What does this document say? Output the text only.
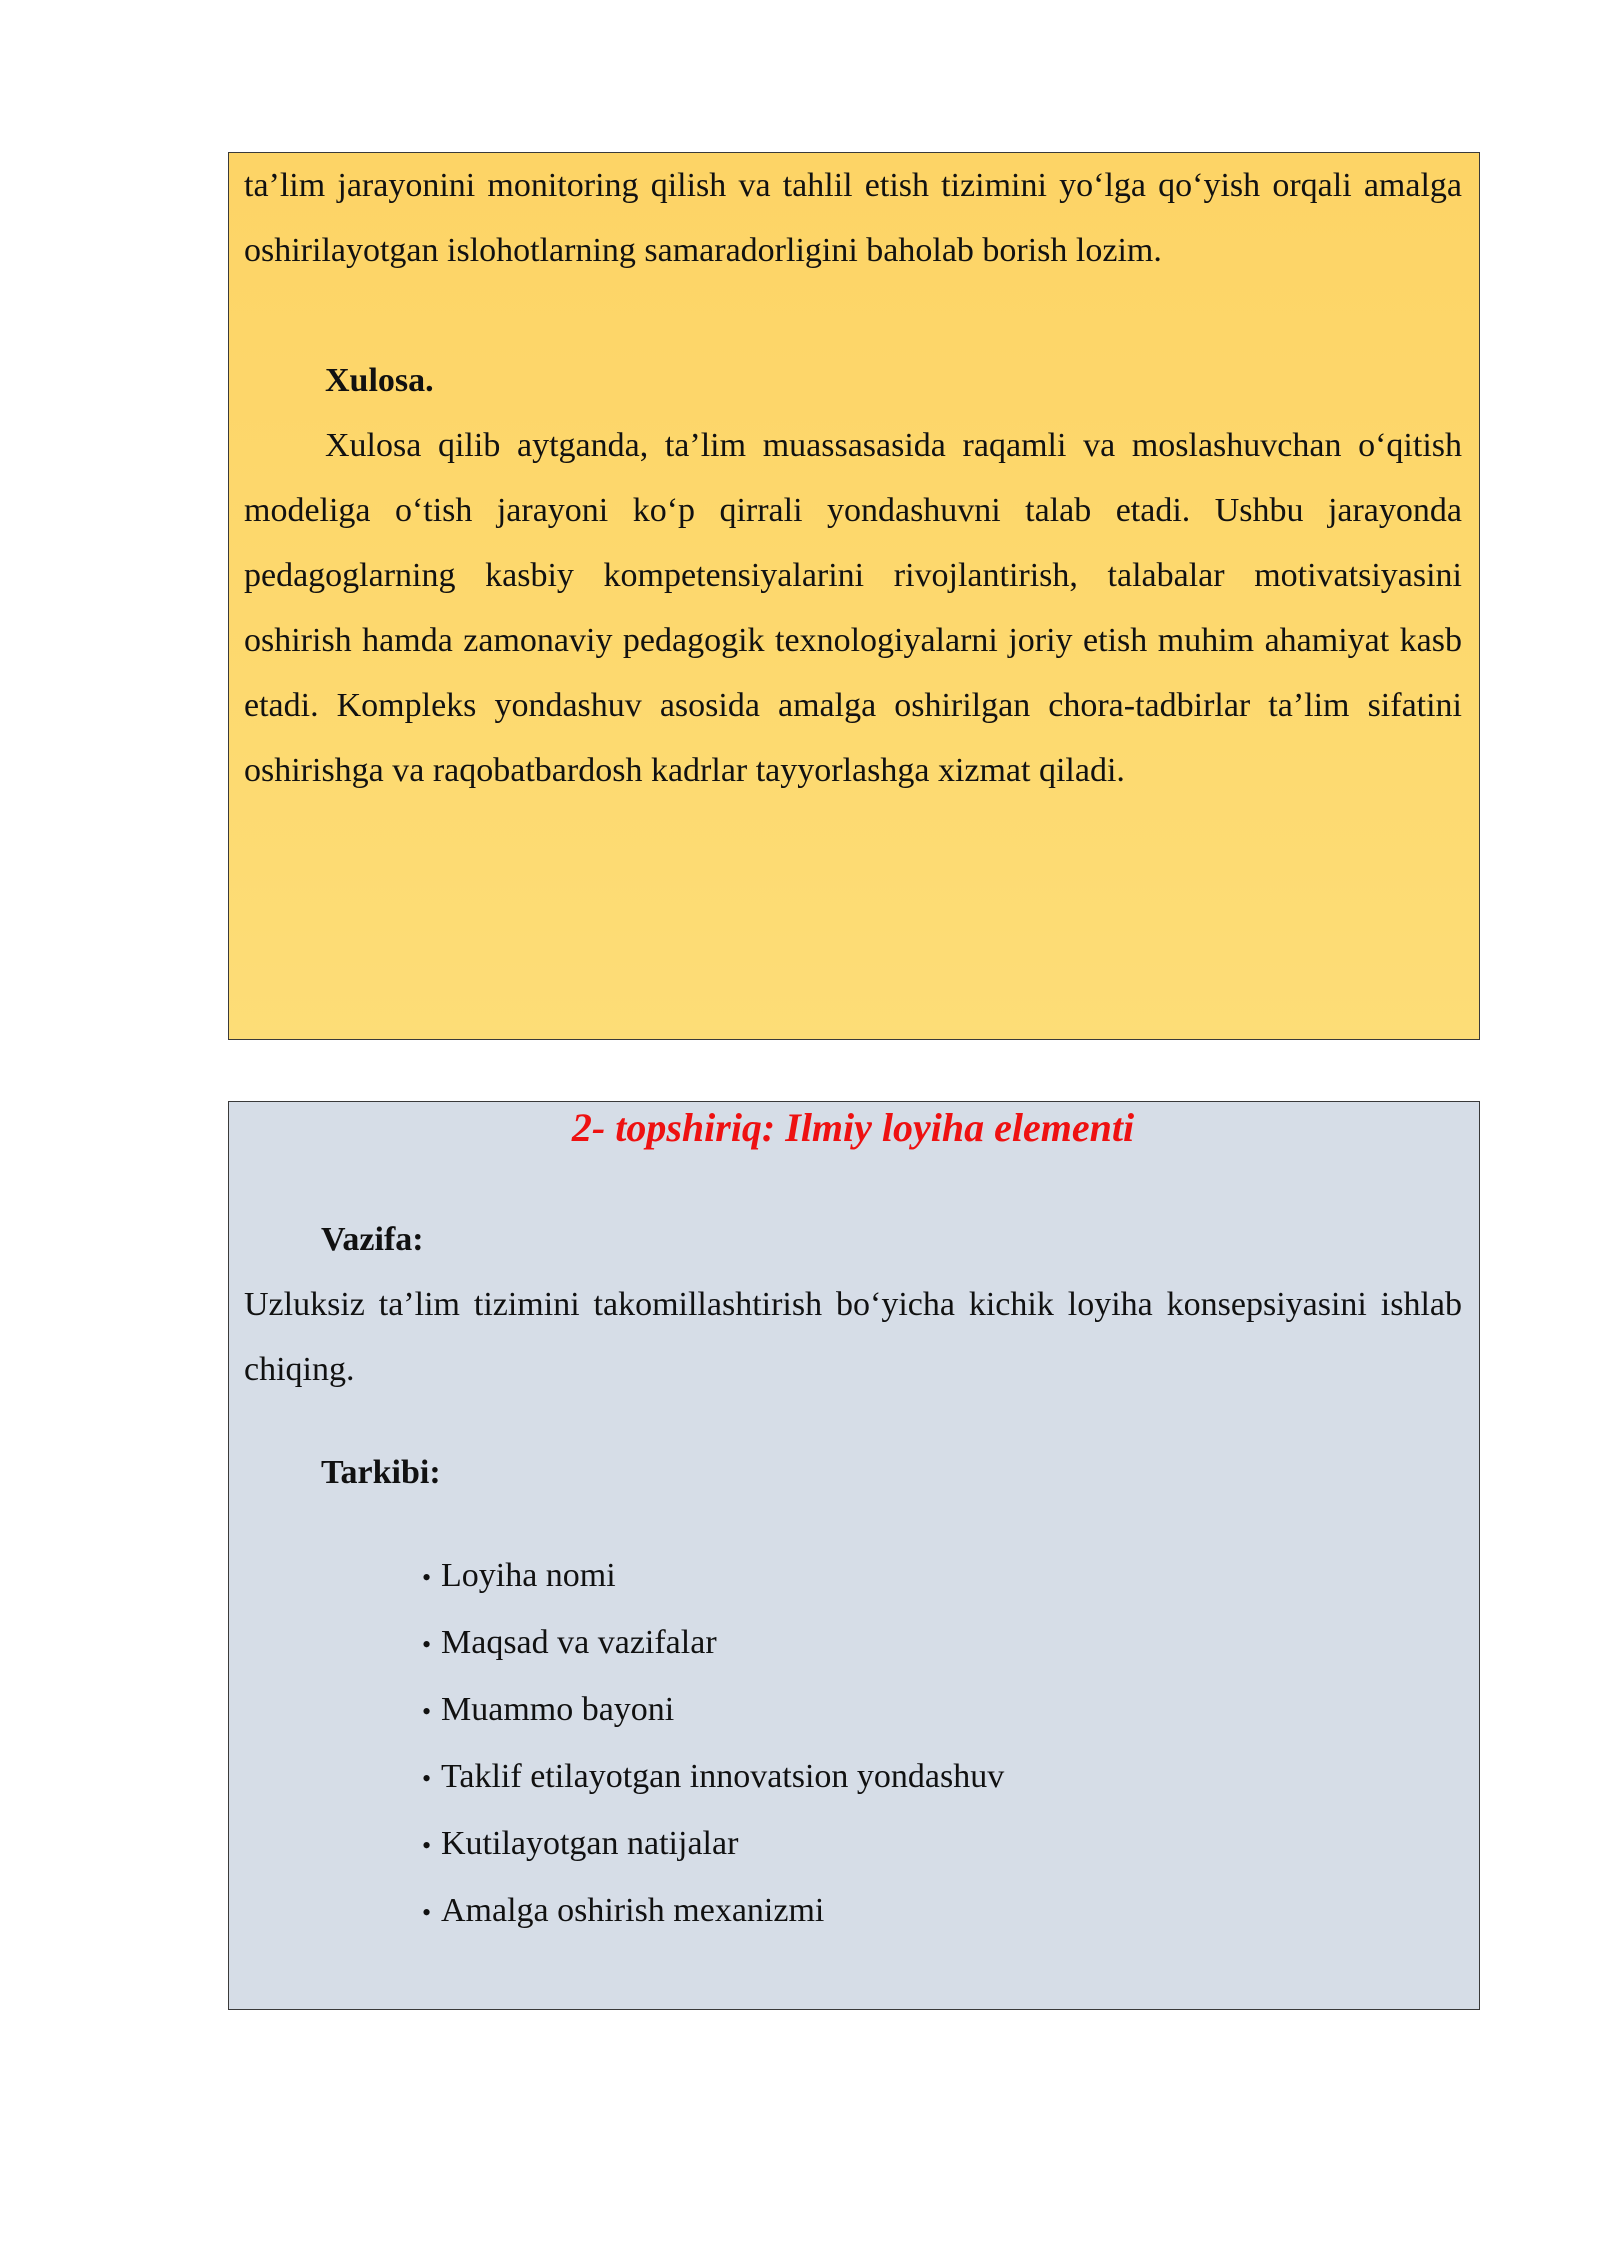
ta’lim jarayonini monitoring qilish va tahlil etish tizimini yo‘lga qo‘yish orqali amalga oshirilayotgan islohotlarning samaradorligini baholab borish lozim.

Xulosa.

Xulosa qilib aytganda, ta’lim muassasasida raqamli va moslashuvchan o‘qitish modeliga o‘tish jarayoni ko‘p qirrali yondashuvni talab etadi. Ushbu jarayonda pedagoglarning kasbiy kompetensiyalarini rivojlantirish, talabalar motivatsiyasini oshirish hamda zamonaviy pedagogik texnologiyalarni joriy etish muhim ahamiyat kasb etadi. Kompleks yondashuv asosida amalga oshirilgan chora-tadbirlar ta’lim sifatini oshirishga va raqobatbardosh kadrlar tayyorlashga xizmat qiladi.

2- topshiriq: Ilmiy loyiha elementi

Vazifa:

Uzluksiz ta’lim tizimini takomillashtirish bo‘yicha kichik loyiha konsepsiyasini ishlab chiqing.

Tarkibi:

• Loyiha nomi
• Maqsad va vazifalar
• Muammo bayoni
• Taklif etilayotgan innovatsion yondashuv
• Kutilayotgan natijalar
• Amalga oshirish mexanizmi
